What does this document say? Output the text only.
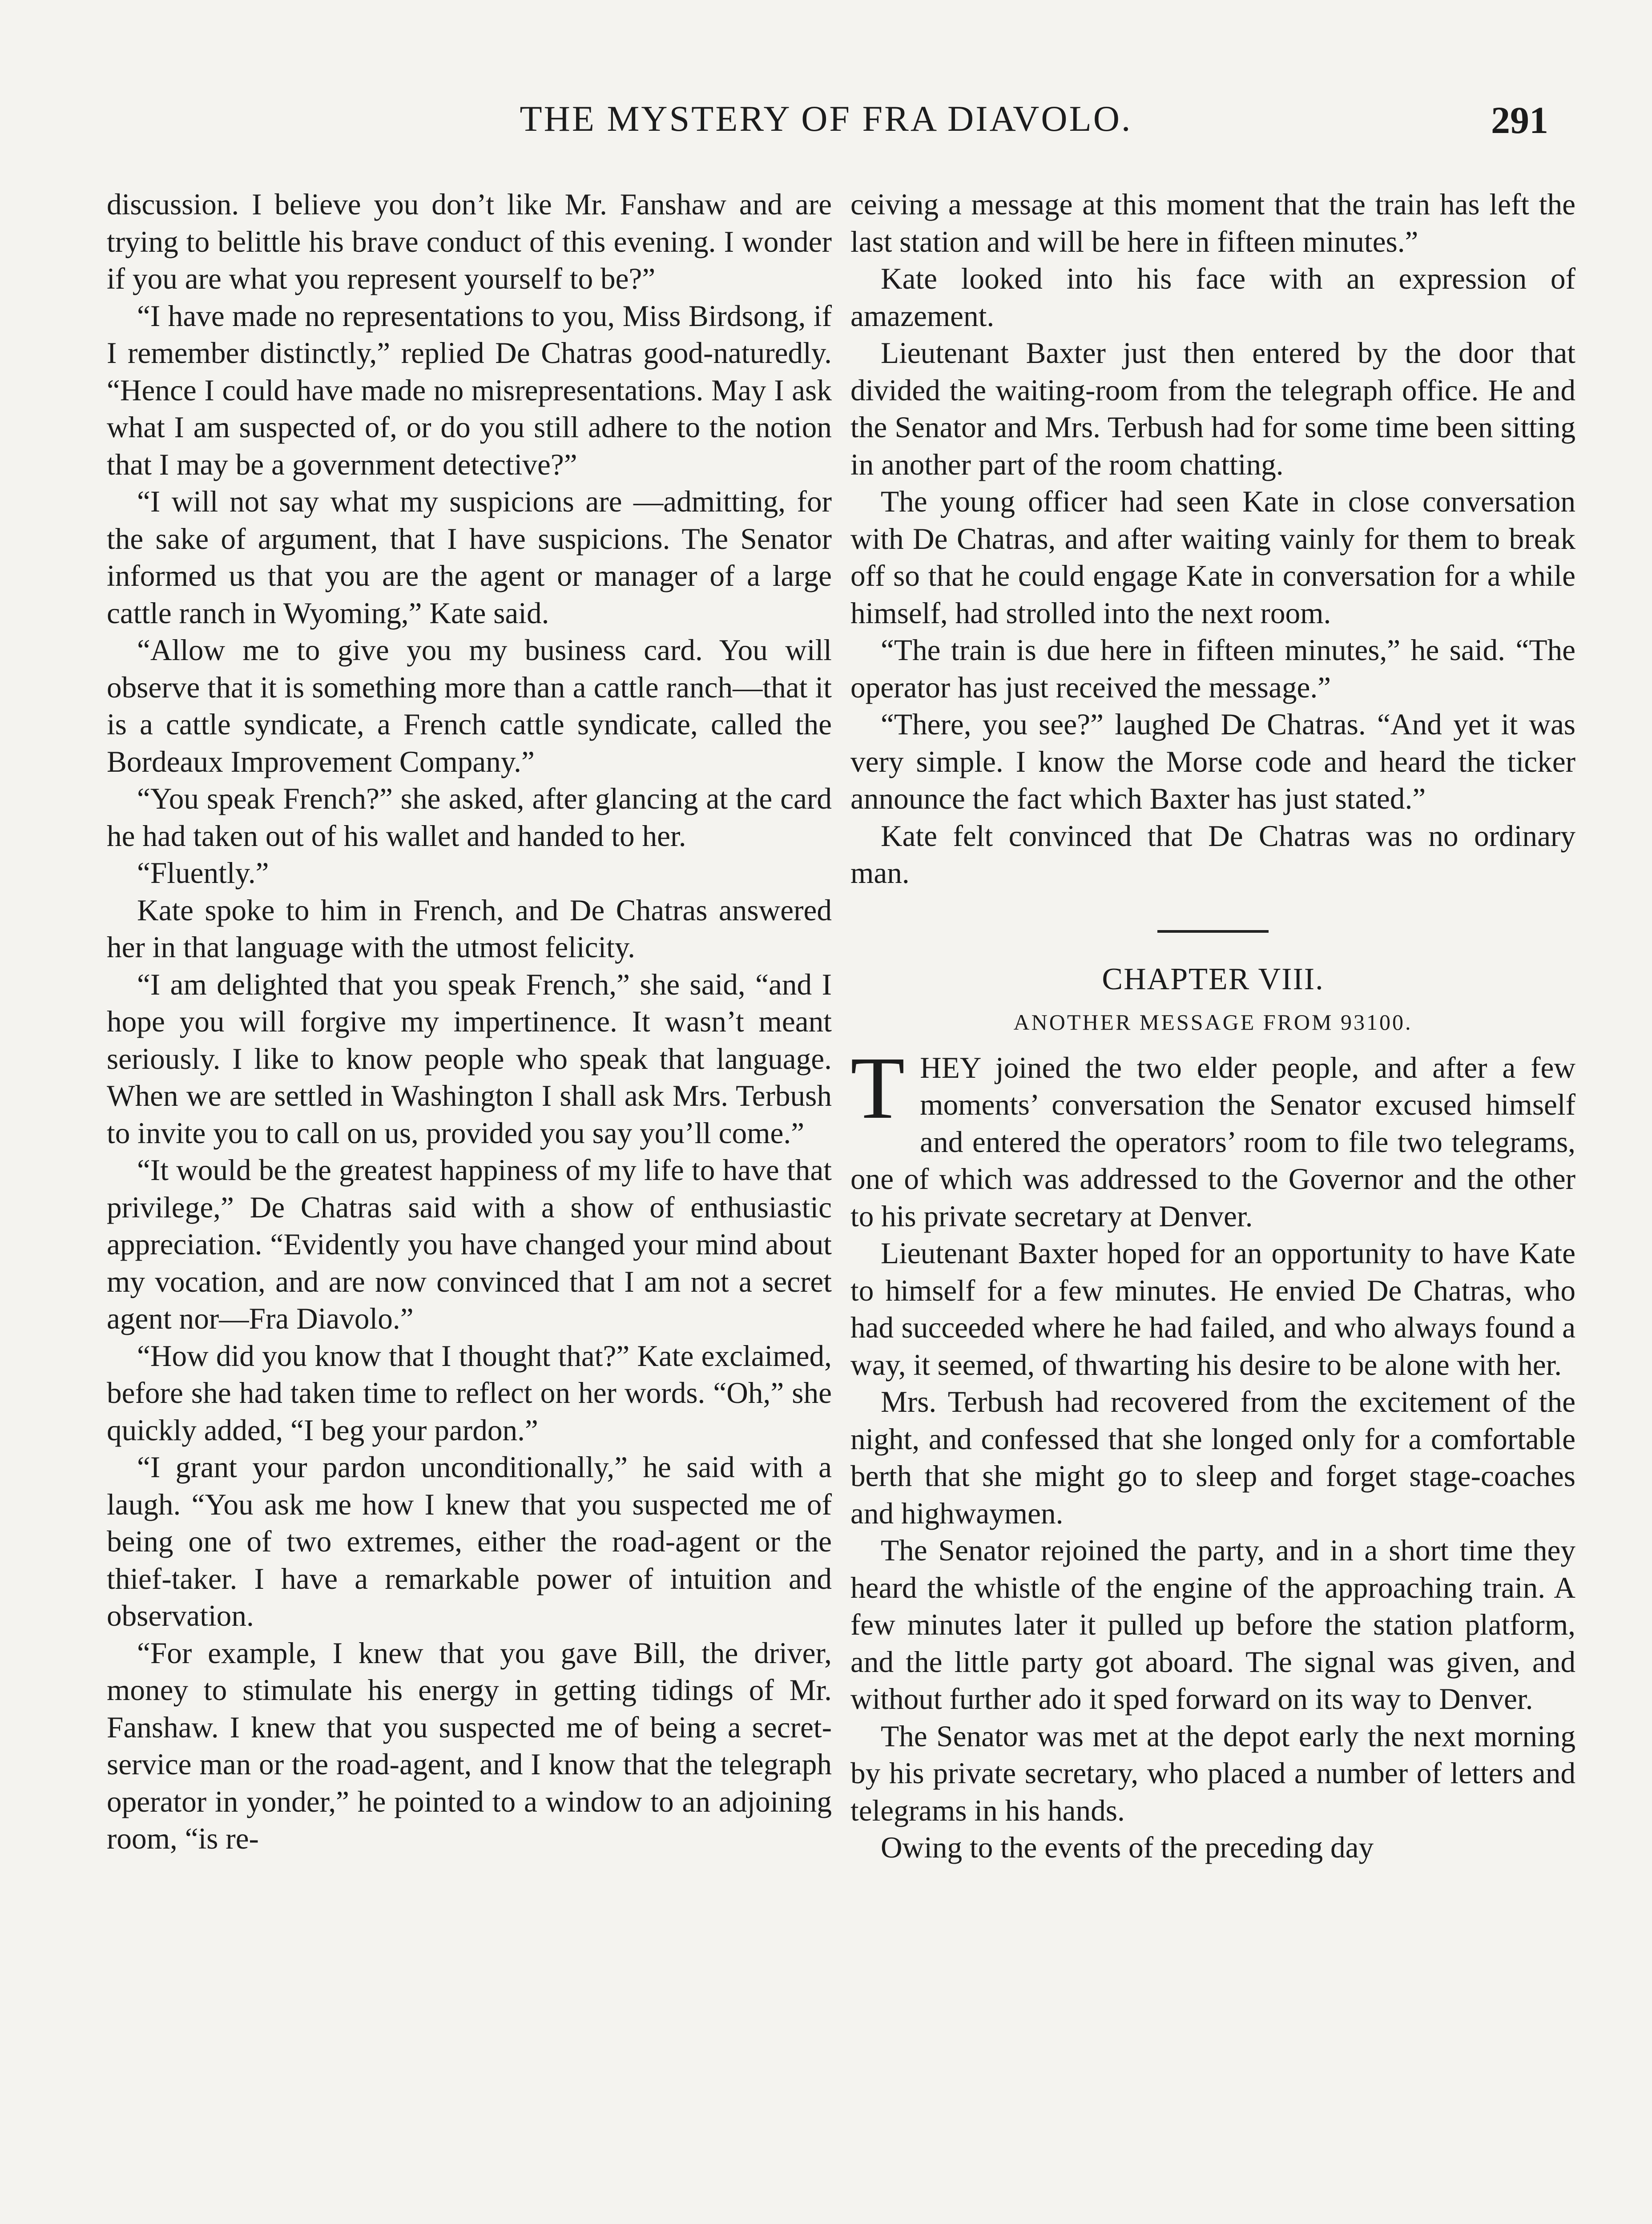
THE MYSTERY OF FRA DIAVOLO.	291

discussion. I believe you don’t like Mr. Fanshaw and are trying to belittle his brave conduct of this evening. I wonder if you are what you represent yourself to be?”

“I have made no representations to you, Miss Birdsong, if I remember distinctly,” replied De Chatras good-naturedly. “Hence I could have made no misrepresentations. May I ask what I am suspected of, or do you still adhere to the notion that I may be a government detective?”

“I will not say what my suspicions are —admitting, for the sake of argument, that I have suspicions. The Senator informed us that you are the agent or manager of a large cattle ranch in Wyoming,” Kate said.

“Allow me to give you my business card. You will observe that it is something more than a cattle ranch—that it is a cattle syndicate, a French cattle syndicate, called the Bordeaux Improvement Company.”

“You speak French?” she asked, after glancing at the card he had taken out of his wallet and handed to her.

“Fluently.”

Kate spoke to him in French, and De Chatras answered her in that language with the utmost felicity.

“I am delighted that you speak French,” she said, “and I hope you will forgive my impertinence. It wasn’t meant seriously. I like to know people who speak that language. When we are settled in Washington I shall ask Mrs. Terbush to invite you to call on us, provided you say you’ll come.”

“It would be the greatest happiness of my life to have that privilege,” De Chatras said with a show of enthusiastic appreciation. “Evidently you have changed your mind about my vocation, and are now convinced that I am not a secret agent nor—Fra Diavolo.”

“How did you know that I thought that?” Kate exclaimed, before she had taken time to reflect on her words. “Oh,” she quickly added, “I beg your pardon.”

“I grant your pardon unconditionally,” he said with a laugh. “You ask me how I knew that you suspected me of being one of two extremes, either the road-agent or the thief-taker. I have a remarkable power of intuition and observation.

“For example, I knew that you gave Bill, the driver, money to stimulate his energy in getting tidings of Mr. Fanshaw. I knew that you suspected me of being a secret-service man or the road-agent, and I know that the telegraph operator in yonder,” he pointed to a window to an adjoining room, “is re-

ceiving a message at this moment that the train has left the last station and will be here in fifteen minutes.”

Kate looked into his face with an expression of amazement.

Lieutenant Baxter just then entered by the door that divided the waiting-room from the telegraph office. He and the Senator and Mrs. Terbush had for some time been sitting in another part of the room chatting.

The young officer had seen Kate in close conversation with De Chatras, and after waiting vainly for them to break off so that he could engage Kate in conversation for a while himself, had strolled into the next room.

“The train is due here in fifteen minutes,” he said. “The operator has just received the message.”

“There, you see?” laughed De Chatras. “And yet it was very simple. I know the Morse code and heard the ticker announce the fact which Baxter has just stated.”

Kate felt convinced that De Chatras was no ordinary man.

CHAPTER VIII.
ANOTHER MESSAGE FROM 93100.
T HEY joined the two elder people, and after a few moments’ conversation the Senator excused himself and entered the operators’ room to file two telegrams, one of which was addressed to the Governor and the other to his private secretary at Denver.

Lieutenant Baxter hoped for an opportunity to have Kate to himself for a few minutes. He envied De Chatras, who had succeeded where he had failed, and who always found a way, it seemed, of thwarting his desire to be alone with her.

Mrs. Terbush had recovered from the excitement of the night, and confessed that she longed only for a comfortable berth that she might go to sleep and forget stage-coaches and highwaymen.

The Senator rejoined the party, and in a short time they heard the whistle of the engine of the approaching train. A few minutes later it pulled up before the station platform, and the little party got aboard. The signal was given, and without further ado it sped forward on its way to Denver.

The Senator was met at the depot early the next morning by his private secretary, who placed a number of letters and telegrams in his hands.

Owing to the events of the preceding day
